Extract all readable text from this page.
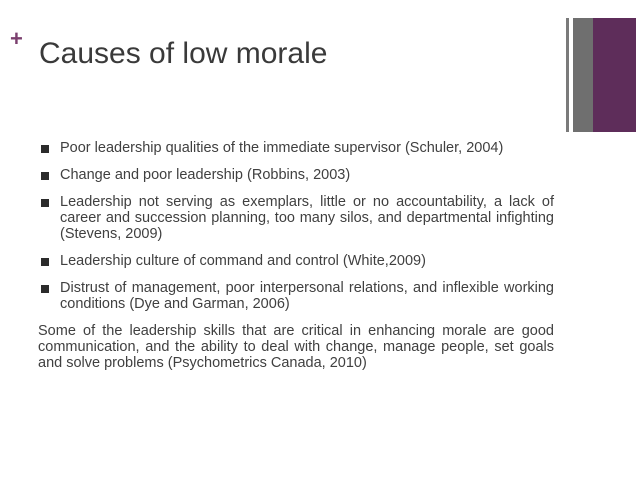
+ Causes of low morale
Poor leadership qualities of the immediate supervisor (Schuler, 2004)
Change and poor leadership (Robbins, 2003)
Leadership not serving as exemplars, little or no accountability, a lack of career and succession planning, too many silos, and departmental infighting (Stevens, 2009)
Leadership culture of command and control (White,2009)
Distrust of management, poor interpersonal relations, and inflexible working conditions (Dye and Garman, 2006)

Some of the leadership skills that are critical in enhancing morale are good communication, and the ability to deal with change, manage people, set goals and solve problems (Psychometrics Canada, 2010)
